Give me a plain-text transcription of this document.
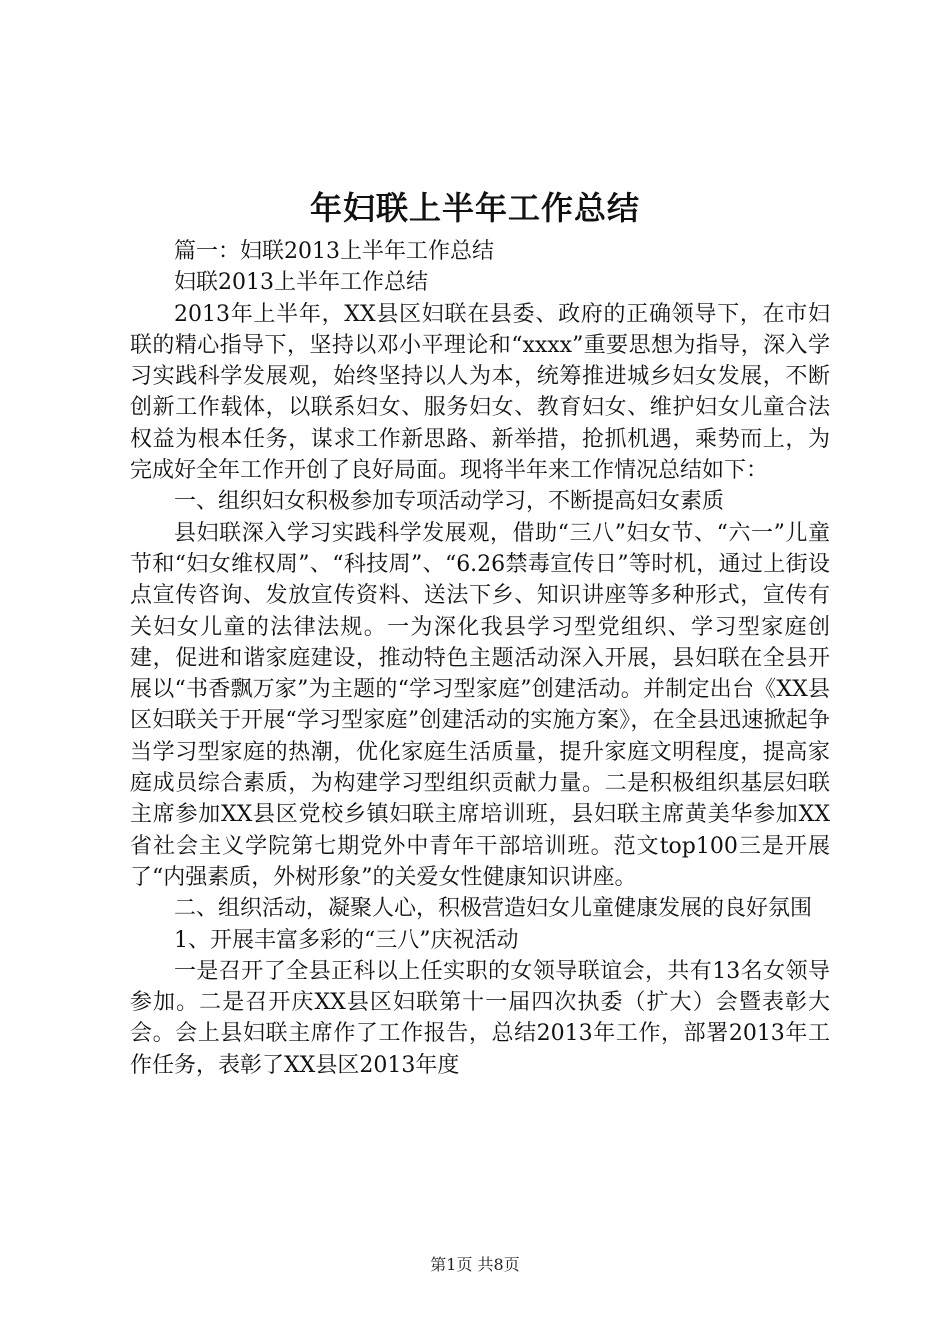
年妇联上半年工作总结

篇一：妇联2013上半年工作总结

妇联2013上半年工作总结

2013年上半年，XX县区妇联在县委、政府的正确领导下，在市妇联的精心指导下，坚持以邓小平理论和“xxxx”重要思想为指导，深入学习实践科学发展观，始终坚持以人为本，统筹推进城乡妇女发展，不断创新工作载体，以联系妇女、服务妇女、教育妇女、维护妇女儿童合法权益为根本任务，谋求工作新思路、新举措，抢抓机遇，乘势而上，为完成好全年工作开创了良好局面。现将半年来工作情况总结如下：

一、组织妇女积极参加专项活动学习，不断提高妇女素质

县妇联深入学习实践科学发展观，借助“三八”妇女节、“六一”儿童节和“妇女维权周”、“科技周”、“6.26禁毒宣传日”等时机，通过上街设点宣传咨询、发放宣传资料、送法下乡、知识讲座等多种形式，宣传有关妇女儿童的法律法规。一为深化我县学习型党组织、学习型家庭创建，促进和谐家庭建设，推动特色主题活动深入开展，县妇联在全县开展以“书香飘万家”为主题的“学习型家庭”创建活动。并制定出台《XX县区妇联关于开展“学习型家庭”创建活动的实施方案》，在全县迅速掀起争当学习型家庭的热潮，优化家庭生活质量，提升家庭文明程度，提高家庭成员综合素质，为构建学习型组织贡献力量。二是积极组织基层妇联主席参加XX县区党校乡镇妇联主席培训班，县妇联主席黄美华参加XX省社会主义学院第七期党外中青年干部培训班。范文top100三是开展了“内强素质，外树形象”的关爱女性健康知识讲座。

二、组织活动，凝聚人心，积极营造妇女儿童健康发展的良好氛围

1、开展丰富多彩的“三八”庆祝活动

一是召开了全县正科以上任实职的女领导联谊会，共有13名女领导参加。二是召开庆XX县区妇联第十一届四次执委（扩大）会暨表彰大会。会上县妇联主席作了工作报告，总结2013年工作，部署2013年工作任务，表彰了XX县区2013年度

第1页 共8页
